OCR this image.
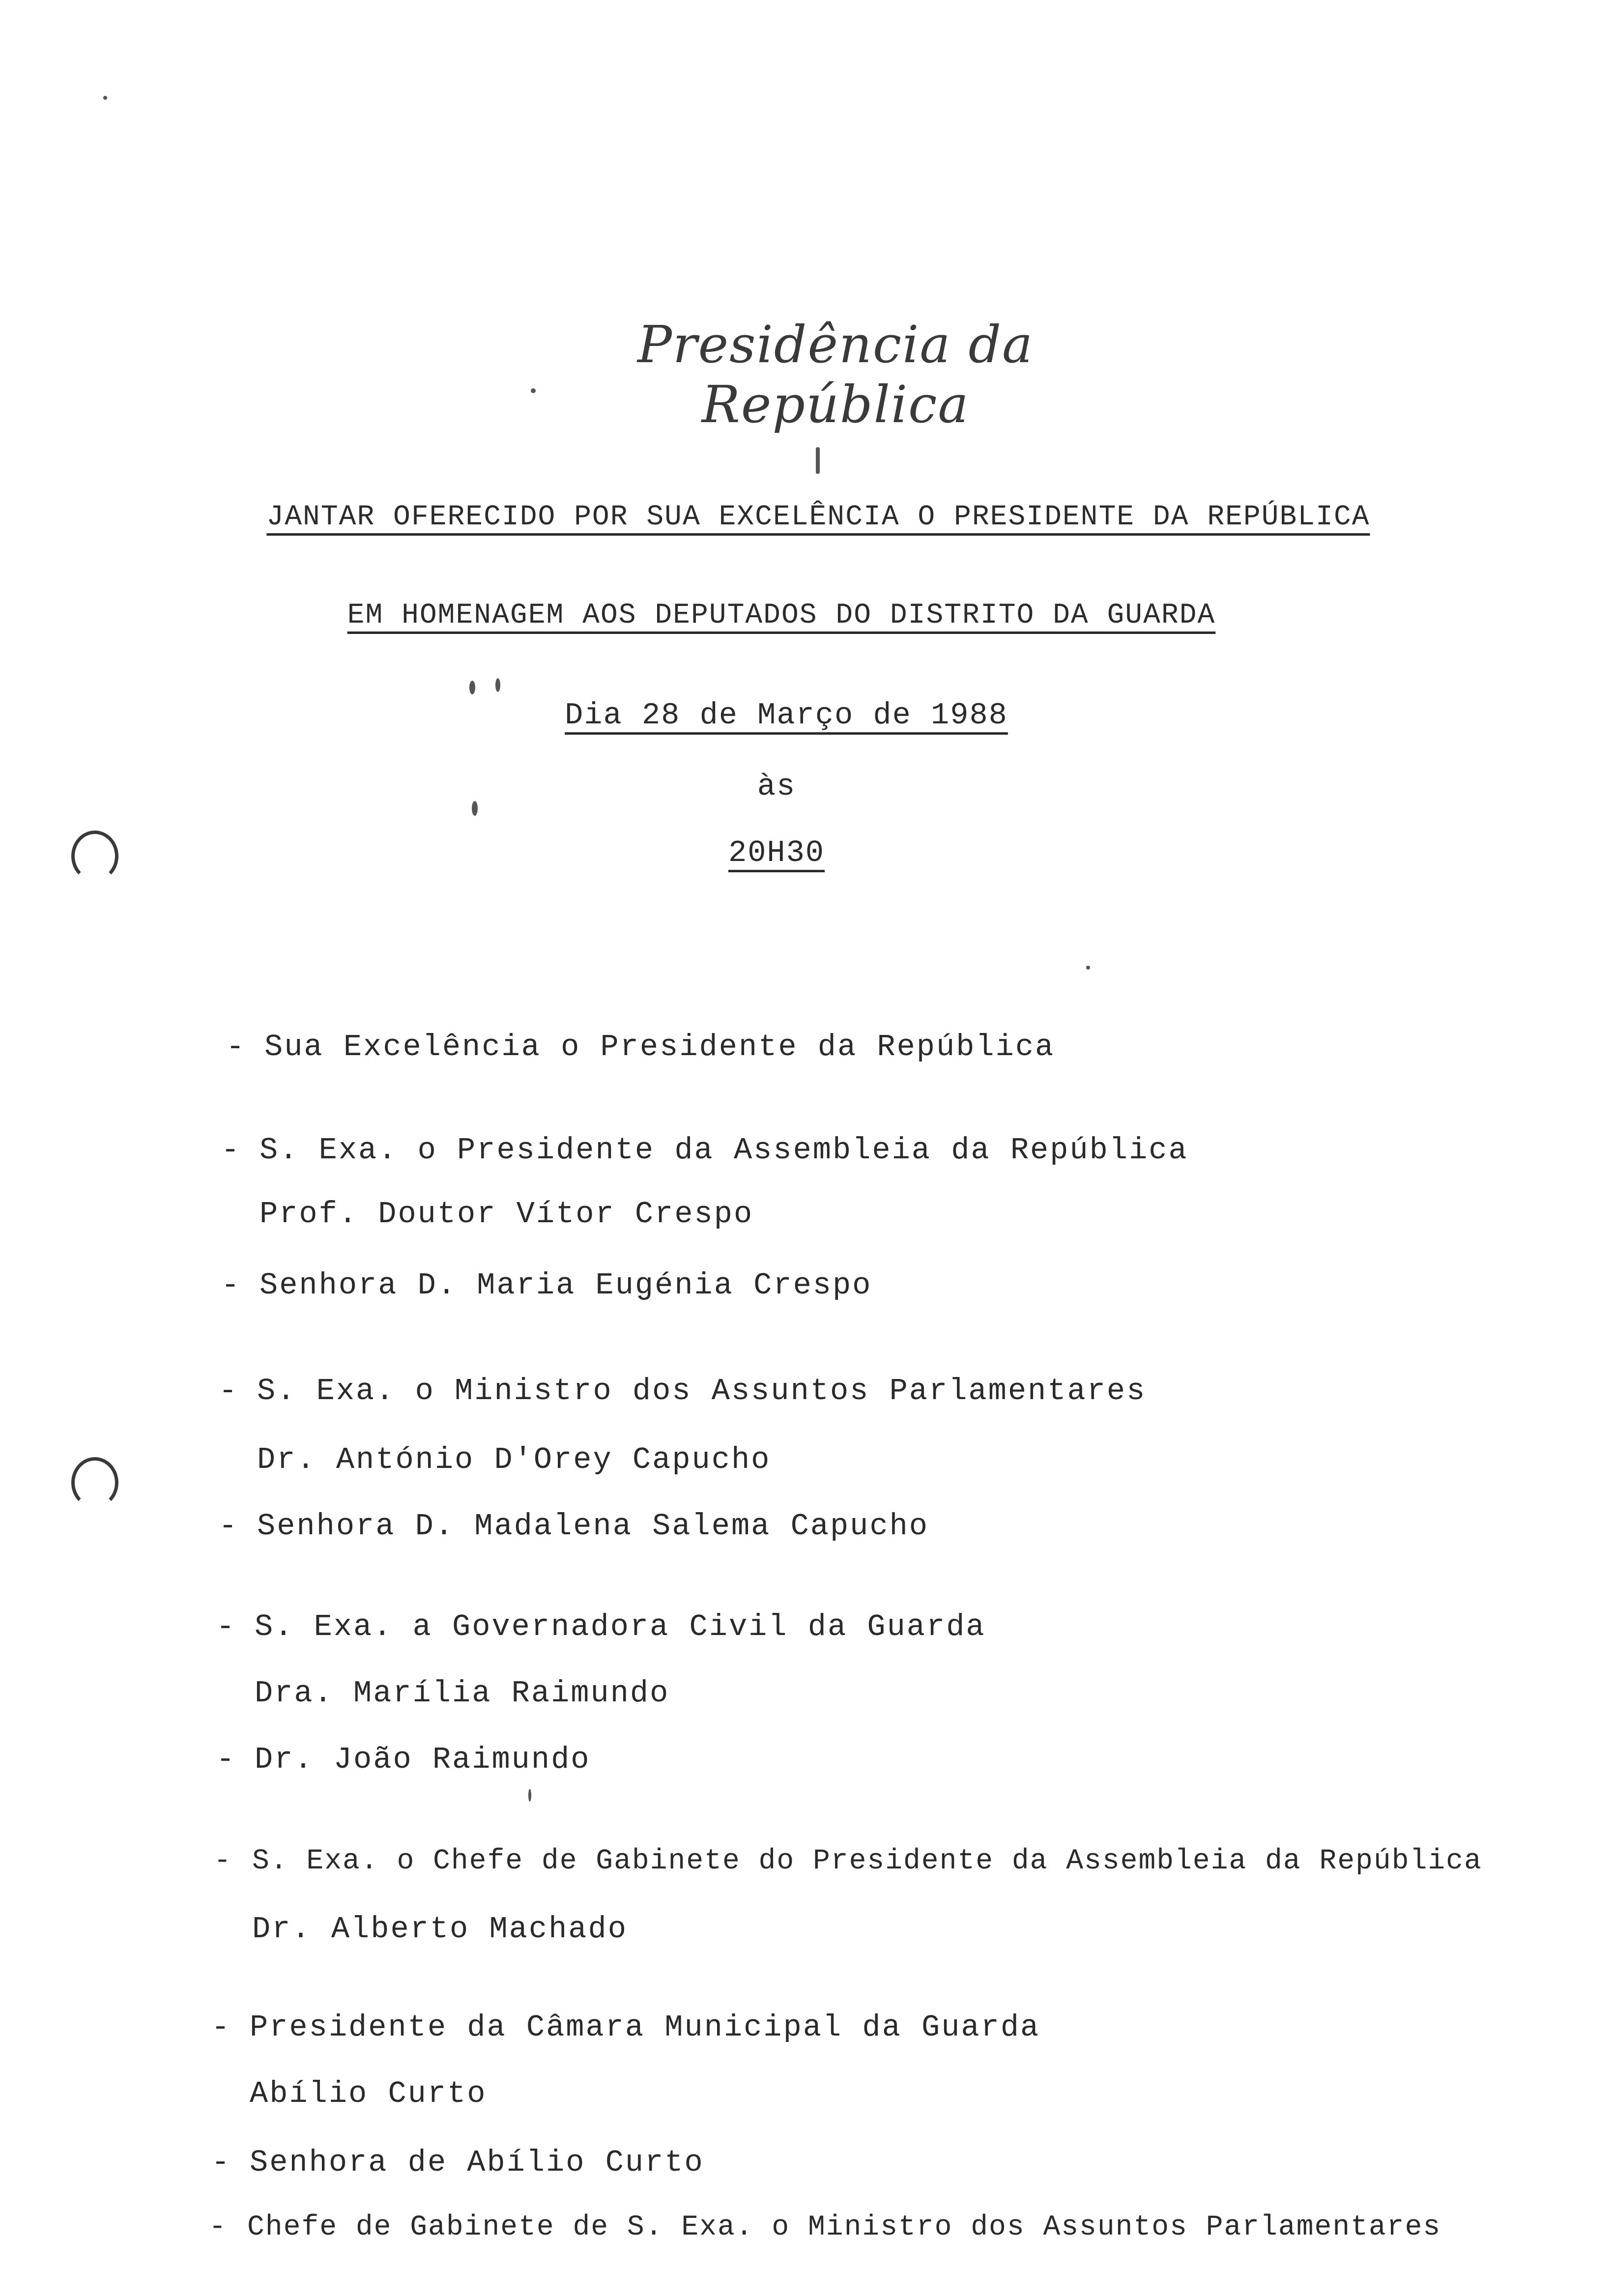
Presidência da República
JANTAR OFERECIDO POR SUA EXCELÊNCIA O PRESIDENTE DA REPÚBLICA
EM HOMENAGEM AOS DEPUTADOS DO DISTRITO DA GUARDA
Dia 28 de Março de 1988
às
20H30
- Sua Excelência o Presidente da República
- S. Exa. o Presidente da Assembleia da República
Prof. Doutor Vítor Crespo
- Senhora D. Maria Eugénia Crespo
- S. Exa. o Ministro dos Assuntos Parlamentares
Dr. António D'Orey Capucho
- Senhora D. Madalena Salema Capucho
- S. Exa. a Governadora Civil da Guarda
Dra. Marília Raimundo
- Dr. João Raimundo
- S. Exa. o Chefe de Gabinete do Presidente da Assembleia da República
Dr. Alberto Machado
- Presidente da Câmara Municipal da Guarda
Abílio Curto
- Senhora de Abílio Curto
- Chefe de Gabinete de S. Exa. o Ministro dos Assuntos Parlamentares
